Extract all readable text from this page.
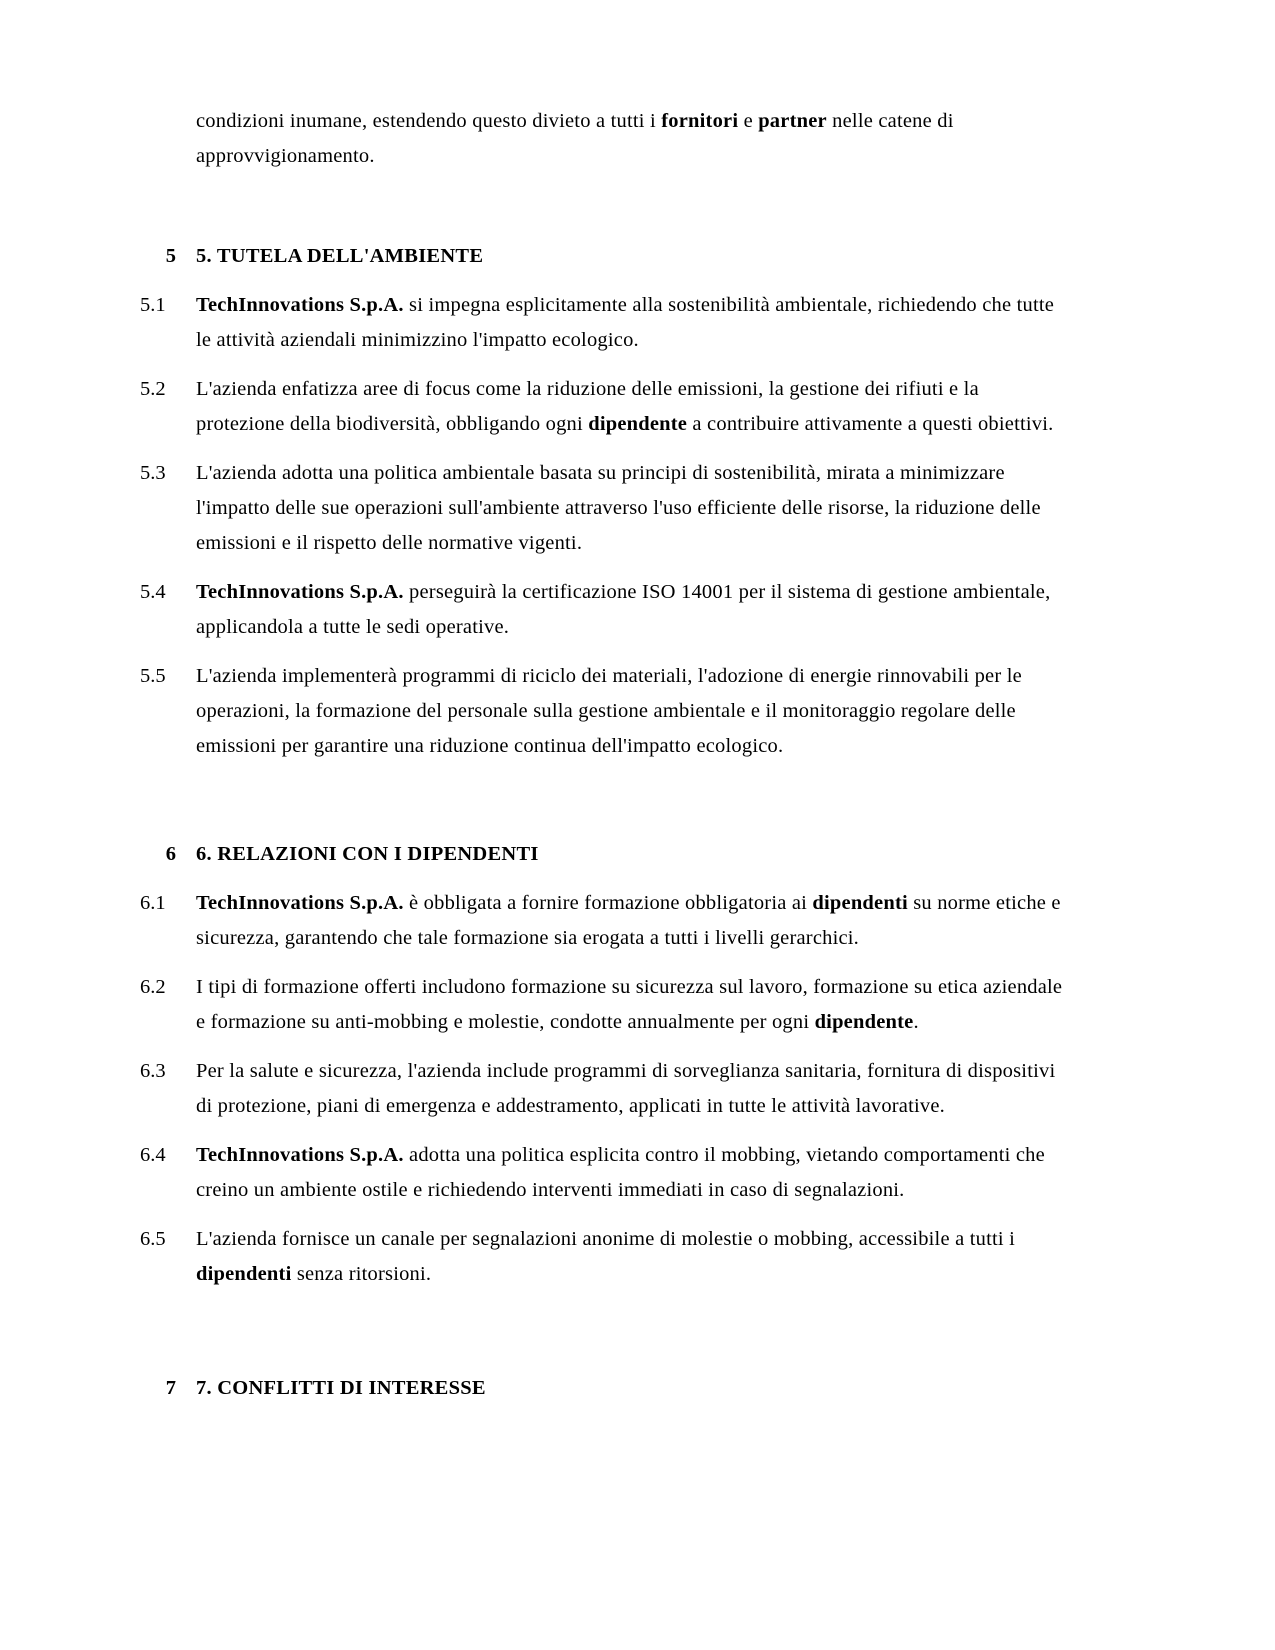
condizioni inumane, estendendo questo divieto a tutti i fornitori e partner nelle catene di approvvigionamento.

5 5. TUTELA DELL'AMBIENTE
5.1	TechInnovations S.p.A. si impegna esplicitamente alla sostenibilità ambientale, richiedendo che tutte le attività aziendali minimizzino l'impatto ecologico.
5.2	L'azienda enfatizza aree di focus come la riduzione delle emissioni, la gestione dei rifiuti e la protezione della biodiversità, obbligando ogni dipendente a contribuire attivamente a questi obiettivi.
5.3	L'azienda adotta una politica ambientale basata su principi di sostenibilità, mirata a minimizzare l'impatto delle sue operazioni sull'ambiente attraverso l'uso efficiente delle risorse, la riduzione delle emissioni e il rispetto delle normative vigenti.
5.4	TechInnovations S.p.A. perseguirà la certificazione ISO 14001 per il sistema di gestione ambientale, applicandola a tutte le sedi operative.
5.5	L'azienda implementerà programmi di riciclo dei materiali, l'adozione di energie rinnovabili per le operazioni, la formazione del personale sulla gestione ambientale e il monitoraggio regolare delle emissioni per garantire una riduzione continua dell'impatto ecologico.
6 6. RELAZIONI CON I DIPENDENTI
6.1	TechInnovations S.p.A. è obbligata a fornire formazione obbligatoria ai dipendenti su norme etiche e sicurezza, garantendo che tale formazione sia erogata a tutti i livelli gerarchici.
6.2	I tipi di formazione offerti includono formazione su sicurezza sul lavoro, formazione su etica aziendale e formazione su anti-mobbing e molestie, condotte annualmente per ogni dipendente.
6.3	Per la salute e sicurezza, l'azienda include programmi di sorveglianza sanitaria, fornitura di dispositivi di protezione, piani di emergenza e addestramento, applicati in tutte le attività lavorative.
6.4	TechInnovations S.p.A. adotta una politica esplicita contro il mobbing, vietando comportamenti che creino un ambiente ostile e richiedendo interventi immediati in caso di segnalazioni.
6.5	L'azienda fornisce un canale per segnalazioni anonime di molestie o mobbing, accessibile a tutti i dipendenti senza ritorsioni.
7 7. CONFLITTI DI INTERESSE
